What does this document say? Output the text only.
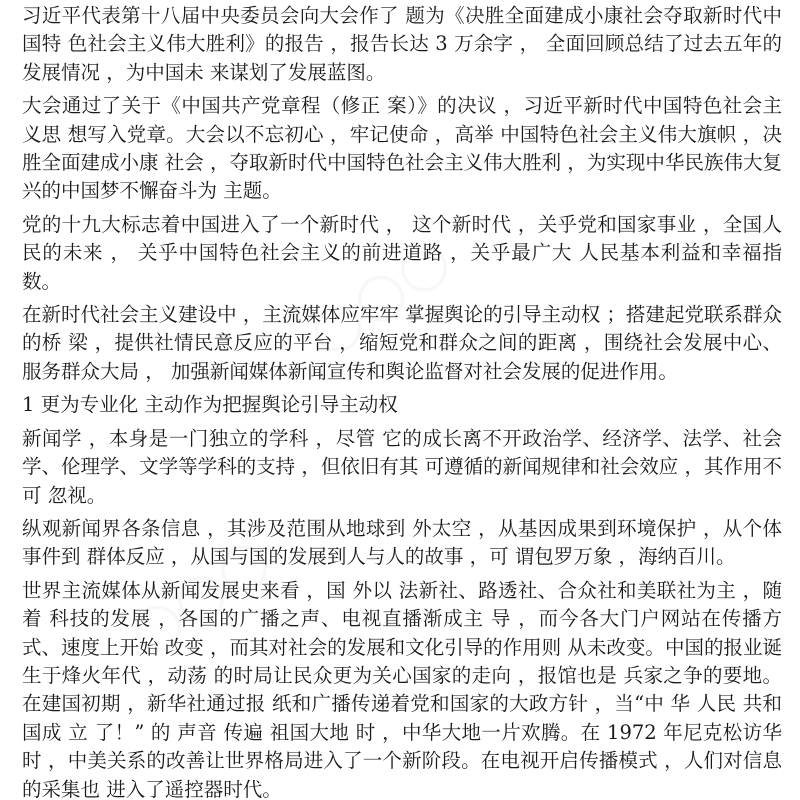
○○○
○○○

习近平代表第十八届中央委员会向大会作了 题为《决胜全面建成小康社会夺取新时代中国特 色社会主义伟大胜利》的报告 ，报告长达 3 万余字 ， 全面回顾总结了过去五年的发展情况 ，为中国未 来谋划了发展蓝图。

大会通过了关于《中国共产党章程（修正 案）》的决议 ，习近平新时代中国特色社会主义思 想写入党章。大会以不忘初心 ，牢记使命 ，高举 中国特色社会主义伟大旗帜 ，决胜全面建成小康 社会 ，夺取新时代中国特色社会主义伟大胜利 ，为实现中华民族伟大复兴的中国梦不懈奋斗为 主题。

党的十九大标志着中国进入了一个新时代 ， 这个新时代 ，关乎党和国家事业 ，全国人民的未来 ， 关乎中国特色社会主义的前进道路 ，关乎最广大 人民基本利益和幸福指数。

在新时代社会主义建设中 ，主流媒体应牢牢 掌握舆论的引导主动权 ；搭建起党联系群众的桥 梁 ，提供社情民意反应的平台 ，缩短党和群众之间的距离 ，围绕社会发展中心、服务群众大局 ， 加强新闻媒体新闻宣传和舆论监督对社会发展的促进作用。

1 更为专业化 主动作为把握舆论引导主动权

新闻学 ，本身是一门独立的学科 ，尽管 它的成长离不开政治学、经济学、法学、社会 学、伦理学、文学等学科的支持 ，但依旧有其 可遵循的新闻规律和社会效应 ，其作用不可 忽视。

纵观新闻界各条信息 ，其涉及范围从地球到 外太空 ，从基因成果到环境保护 ，从个体事件到 群体反应 ，从国与国的发展到人与人的故事 ，可 谓包罗万象 ，海纳百川。

世界主流媒体从新闻发展史来看 ，国 外以 法新社、路透社、合众社和美联社为主 ，随着 科技的发展 ，各国的广播之声、电视直播渐成主 导 ，而今各大门户网站在传播方式、速度上开始 改变 ，而其对社会的发展和文化引导的作用则 从未改变。中国的报业诞生于烽火年代 ，动荡 的时局让民众更为关心国家的走向 ，报馆也是 兵家之争的要地。在建国初期 ，新华社通过报 纸和广播传递着党和国家的大政方针 ，当“中 华 人民 共和 国成 立 了！” 的 声音 传遍 祖国大地 时 ，中华大地一片欢腾。在 1972 年尼克松访华 时 ，中美关系的改善让世界格局进入了一个新阶段。在电视开启传播模式 ，人们对信息的采集也 进入了遥控器时代。
